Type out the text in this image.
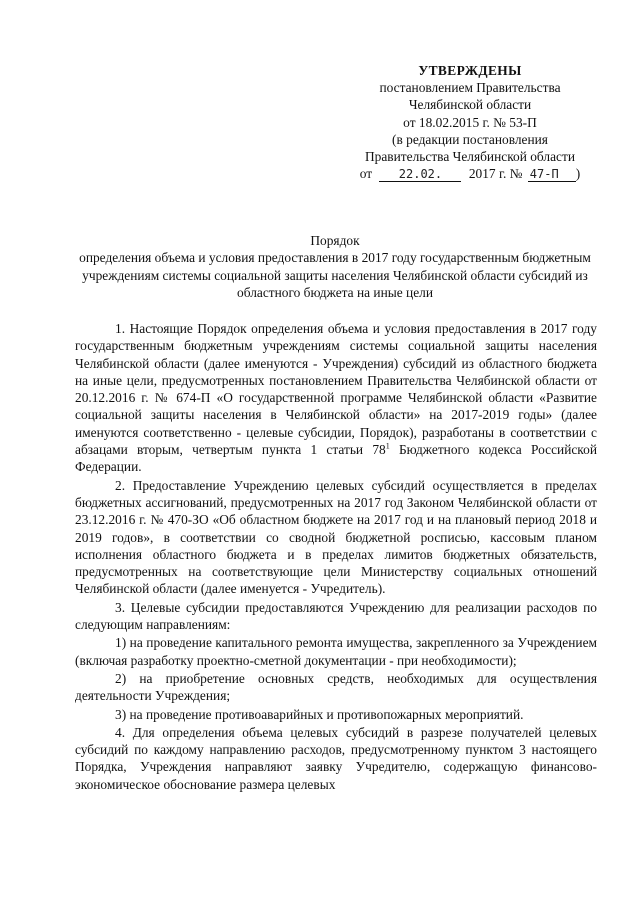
УТВЕРЖДЕНЫ
постановлением Правительства
Челябинской области
от 18.02.2015 г. № 53-П
(в редакции постановления
Правительства Челябинской области
от 22.02. 2017 г. № 47-П )
Порядок
определения объема и условия предоставления в 2017 году государственным бюджетным учреждениям системы социальной защиты населения Челябинской области субсидий из областного бюджета на иные цели

1. Настоящие Порядок определения объема и условия предоставления в 2017 году государственным бюджетным учреждениям системы социальной защиты населения Челябинской области (далее именуются - Учреждения) субсидий из областного бюджета на иные цели, предусмотренных постановлением Правительства Челябинской области от 20.12.2016 г. № 674-П «О государственной программе Челябинской области «Развитие социальной защиты населения в Челябинской области» на 2017-2019 годы» (далее именуются соответственно - целевые субсидии, Порядок), разработаны в соответствии с абзацами вторым, четвертым пункта 1 статьи $78^1$ Бюджетного кодекса Российской Федерации.

2. Предоставление Учреждению целевых субсидий осуществляется в пределах бюджетных ассигнований, предусмотренных на 2017 год Законом Челябинской области от 23.12.2016 г. № 470-ЗО «Об областном бюджете на 2017 год и на плановый период 2018 и 2019 годов», в соответствии со сводной бюджетной росписью, кассовым планом исполнения областного бюджета и в пределах лимитов бюджетных обязательств, предусмотренных на соответствующие цели Министерству социальных отношений Челябинской области (далее именуется - Учредитель).

3. Целевые субсидии предоставляются Учреждению для реализации расходов по следующим направлениям:

1) на проведение капитального ремонта имущества, закрепленного за Учреждением (включая разработку проектно-сметной документации - при необходимости);

2) на приобретение основных средств, необходимых для осуществления деятельности Учреждения;

3) на проведение противоаварийных и противопожарных мероприятий.

4. Для определения объема целевых субсидий в разрезе получателей целевых субсидий по каждому направлению расходов, предусмотренному пунктом 3 настоящего Порядка, Учреждения направляют заявку Учредителю, содержащую финансово-экономическое обоснование размера целевых
